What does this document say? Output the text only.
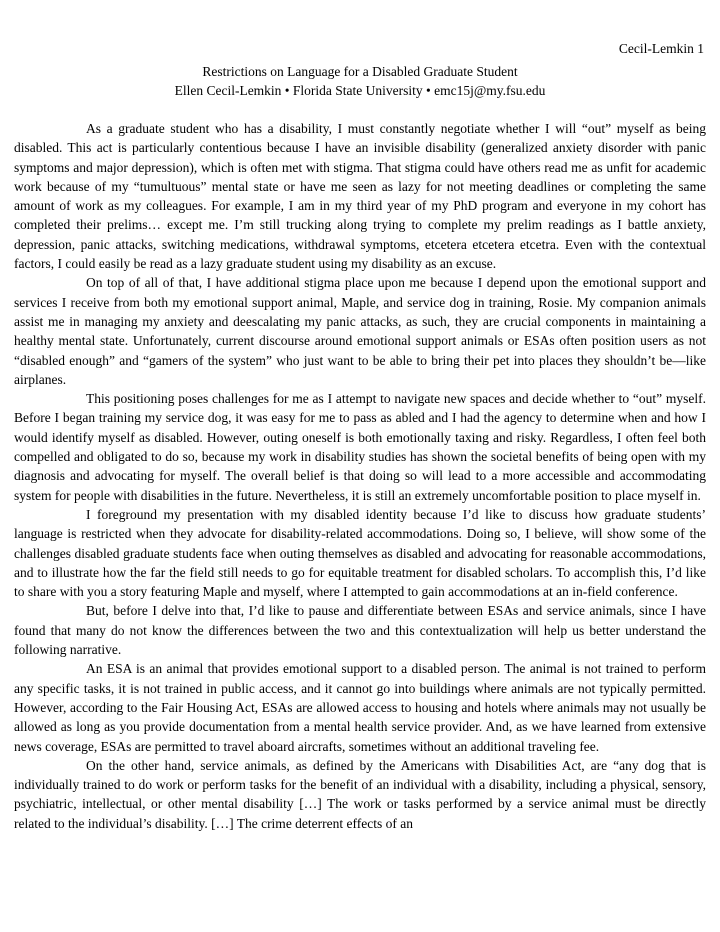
Cecil-Lemkin 1
Restrictions on Language for a Disabled Graduate Student
Ellen Cecil-Lemkin • Florida State University • emc15j@my.fsu.edu

As a graduate student who has a disability, I must constantly negotiate whether I will “out” myself as being disabled. This act is particularly contentious because I have an invisible disability (generalized anxiety disorder with panic symptoms and major depression), which is often met with stigma. That stigma could have others read me as unfit for academic work because of my “tumultuous” mental state or have me seen as lazy for not meeting deadlines or completing the same amount of work as my colleagues. For example, I am in my third year of my PhD program and everyone in my cohort has completed their prelims… except me. I’m still trucking along trying to complete my prelim readings as I battle anxiety, depression, panic attacks, switching medications, withdrawal symptoms, etcetera etcetera etcetra. Even with the contextual factors, I could easily be read as a lazy graduate student using my disability as an excuse.

On top of all of that, I have additional stigma place upon me because I depend upon the emotional support and services I receive from both my emotional support animal, Maple, and service dog in training, Rosie. My companion animals assist me in managing my anxiety and deescalating my panic attacks, as such, they are crucial components in maintaining a healthy mental state. Unfortunately, current discourse around emotional support animals or ESAs often position users as not “disabled enough” and “gamers of the system” who just want to be able to bring their pet into places they shouldn’t be—like airplanes.

This positioning poses challenges for me as I attempt to navigate new spaces and decide whether to “out” myself. Before I began training my service dog, it was easy for me to pass as abled and I had the agency to determine when and how I would identify myself as disabled. However, outing oneself is both emotionally taxing and risky. Regardless, I often feel both compelled and obligated to do so, because my work in disability studies has shown the societal benefits of being open with my diagnosis and advocating for myself. The overall belief is that doing so will lead to a more accessible and accommodating system for people with disabilities in the future. Nevertheless, it is still an extremely uncomfortable position to place myself in.

I foreground my presentation with my disabled identity because I’d like to discuss how graduate students’ language is restricted when they advocate for disability-related accommodations. Doing so, I believe, will show some of the challenges disabled graduate students face when outing themselves as disabled and advocating for reasonable accommodations, and to illustrate how the far the field still needs to go for equitable treatment for disabled scholars. To accomplish this, I’d like to share with you a story featuring Maple and myself, where I attempted to gain accommodations at an in-field conference.

But, before I delve into that, I’d like to pause and differentiate between ESAs and service animals, since I have found that many do not know the differences between the two and this contextualization will help us better understand the following narrative.

An ESA is an animal that provides emotional support to a disabled person. The animal is not trained to perform any specific tasks, it is not trained in public access, and it cannot go into buildings where animals are not typically permitted. However, according to the Fair Housing Act, ESAs are allowed access to housing and hotels where animals may not usually be allowed as long as you provide documentation from a mental health service provider. And, as we have learned from extensive news coverage, ESAs are permitted to travel aboard aircrafts, sometimes without an additional traveling fee.

On the other hand, service animals, as defined by the Americans with Disabilities Act, are “any dog that is individually trained to do work or perform tasks for the benefit of an individual with a disability, including a physical, sensory, psychiatric, intellectual, or other mental disability […] The work or tasks performed by a service animal must be directly related to the individual’s disability. […] The crime deterrent effects of an
